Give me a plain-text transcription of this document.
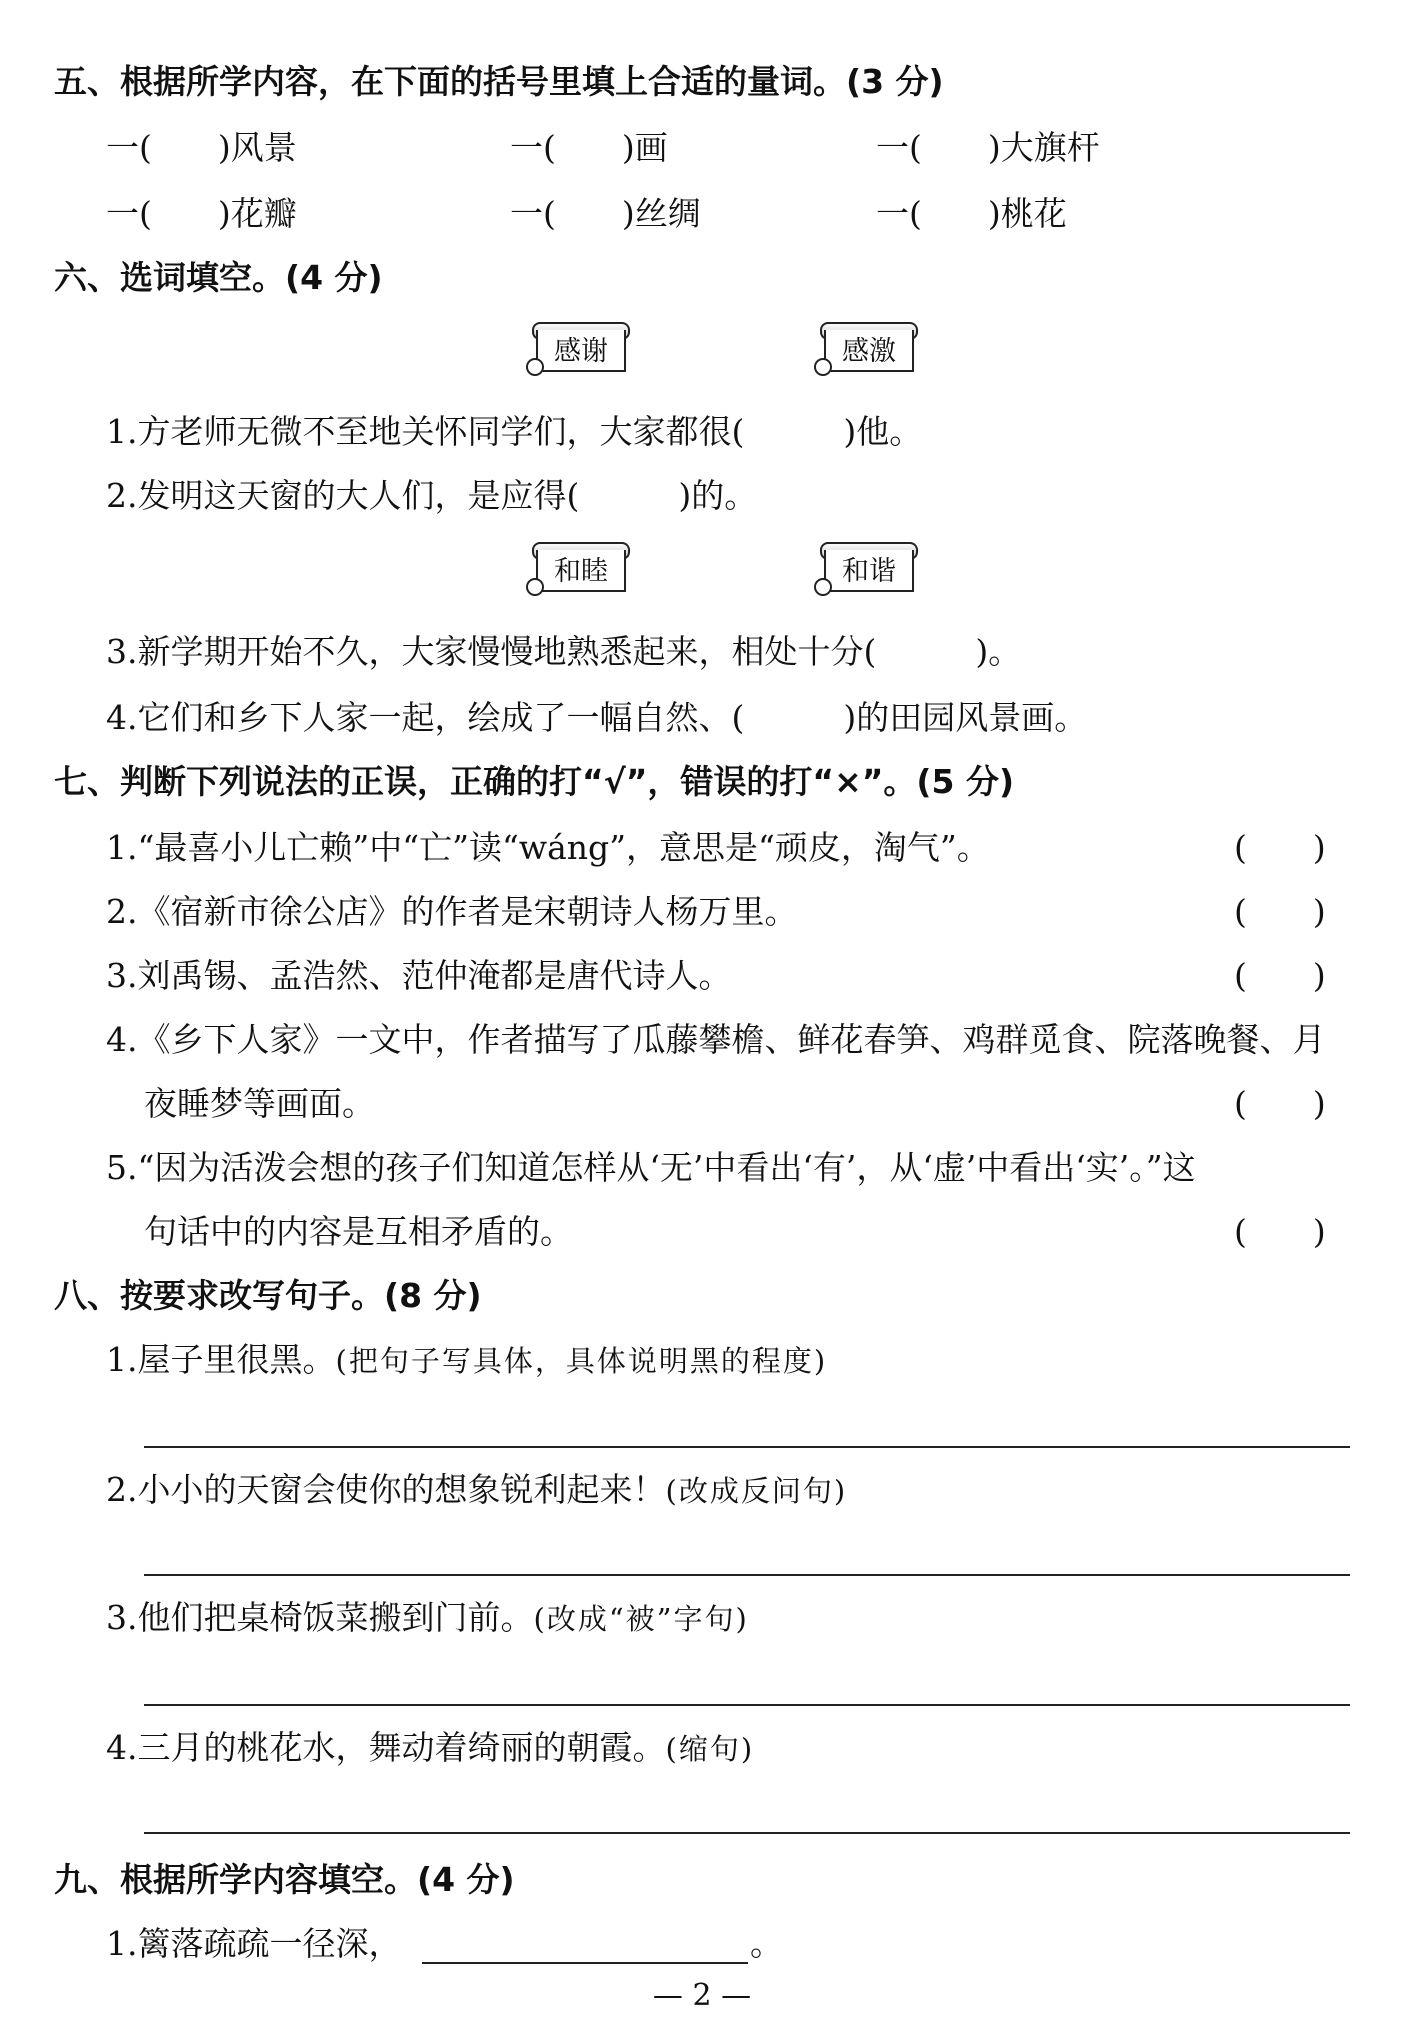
五、根据所学内容，在下面的括号里填上合适的量词。(3 分)
一( )风景	一( )画	一( )大旗杆
一( )花瓣	一( )丝绸	一( )桃花
六、选词填空。(4 分)
感谢	感激
1.方老师无微不至地关怀同学们，大家都很(　　　)他。
2.发明这天窗的大人们，是应得(　　　)的。
和睦	和谐
3.新学期开始不久，大家慢慢地熟悉起来，相处十分(　　　)。
4.它们和乡下人家一起，绘成了一幅自然、(　　　)的田园风景画。
七、判断下列说法的正误，正确的打“√”，错误的打“×”。(5 分)
1.“最喜小儿亡赖”中“亡”读“wáng”，意思是“顽皮，淘气”。	(　　)
2.《宿新市徐公店》的作者是宋朝诗人杨万里。	(　　)
3.刘禹锡、孟浩然、范仲淹都是唐代诗人。	(　　)
4.《乡下人家》一文中，作者描写了瓜藤攀檐、鲜花春笋、鸡群觅食、院落晚餐、月
夜睡梦等画面。	(　　)
5.“因为活泼会想的孩子们知道怎样从‘无’中看出‘有’，从‘虚’中看出‘实’。”这
句话中的内容是互相矛盾的。	(　　)
八、按要求改写句子。(8 分)
1.屋子里很黑。(把句子写具体，具体说明黑的程度)
2.小小的天窗会使你的想象锐利起来！(改成反问句)
3.他们把桌椅饭菜搬到门前。(改成“被”字句)
4.三月的桃花水，舞动着绮丽的朝霞。(缩句)
九、根据所学内容填空。(4 分)
1.篱落疏疏一径深，	。
— 2 —
